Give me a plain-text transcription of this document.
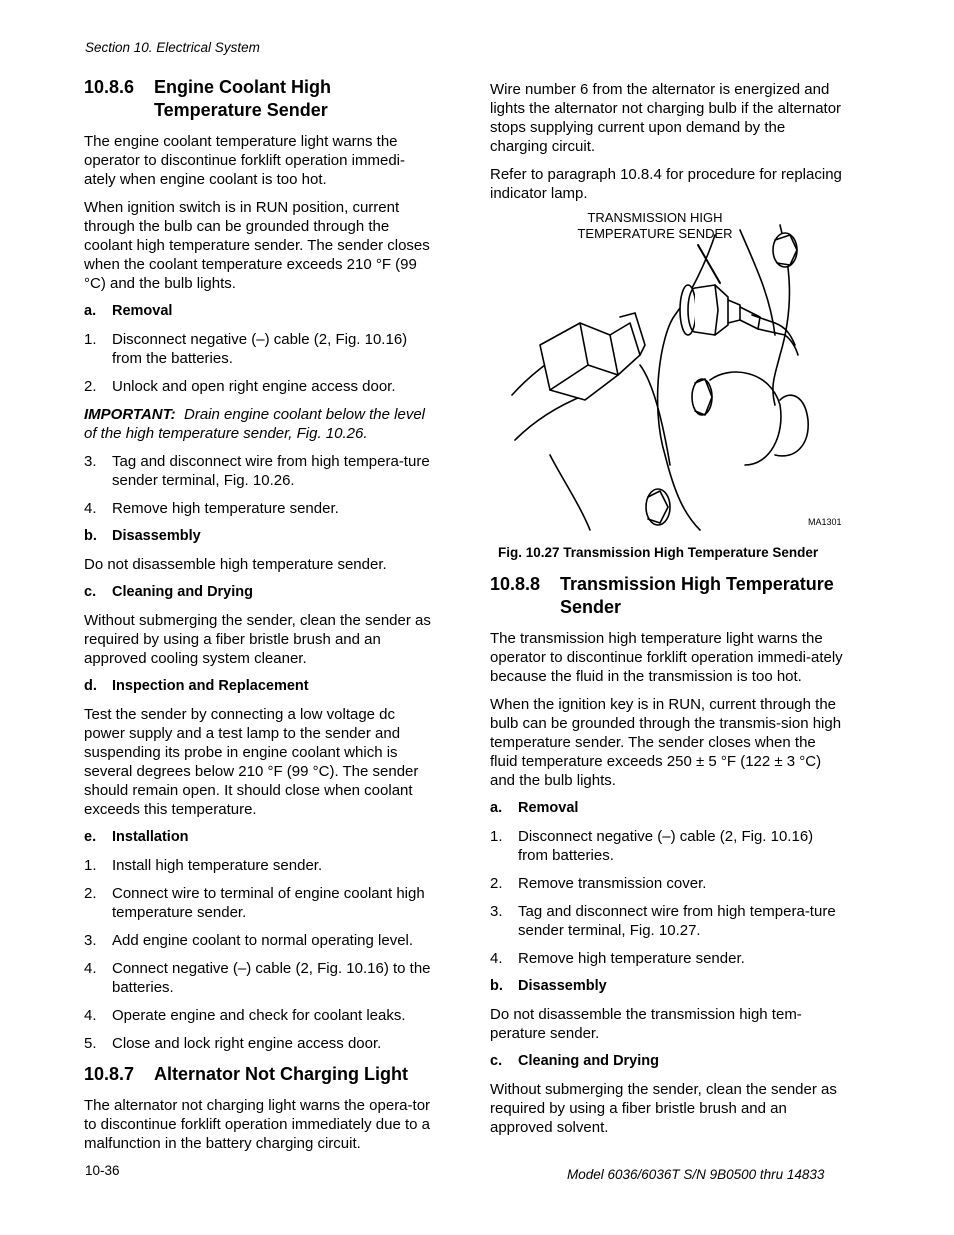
Section 10. Electrical System
10.8.6	Engine Coolant High Temperature Sender

The engine coolant temperature light warns the operator to discontinue forklift operation immedi-ately when engine coolant is too hot.

When ignition switch is in RUN position, current through the bulb can be grounded through the coolant high temperature sender. The sender closes when the coolant temperature exceeds 210 °F (99 °C) and the bulb lights.

a.	Removal
1.	Disconnect negative (–) cable (2, Fig. 10.16) from the batteries.
2.	Unlock and open right engine access door.

IMPORTANT: Drain engine coolant below the level of the high temperature sender, Fig. 10.26.

3.	Tag and disconnect wire from high tempera-ture sender terminal, Fig. 10.26.
4.	Remove high temperature sender.
b.	Disassembly

Do not disassemble high temperature sender.

c.	Cleaning and Drying

Without submerging the sender, clean the sender as required by using a fiber bristle brush and an approved cooling system cleaner.

d.	Inspection and Replacement

Test the sender by connecting a low voltage dc power supply and a test lamp to the sender and suspending its probe in engine coolant which is several degrees below 210 °F (99 °C). The sender should remain open. It should close when coolant exceeds this temperature.

e.	Installation
1.	Install high temperature sender.
2.	Connect wire to terminal of engine coolant high temperature sender.
3.	Add engine coolant to normal operating level.
4.	Connect negative (–) cable (2, Fig. 10.16) to the batteries.
4.	Operate engine and check for coolant leaks.
5.	Close and lock right engine access door.
10.8.7	Alternator Not Charging Light

The alternator not charging light warns the opera-tor to discontinue forklift operation immediately due to a malfunction in the battery charging circuit.

Wire number 6 from the alternator is energized and lights the alternator not charging bulb if the alternator stops supplying current upon demand by the charging circuit.

Refer to paragraph 10.8.4 for procedure for replacing indicator lamp.

TRANSMISSION HIGH TEMPERATURE SENDER
MA1301
Fig. 10.27 Transmission High Temperature Sender
10.8.8	Transmission High Temperature Sender

The transmission high temperature light warns the operator to discontinue forklift operation immedi-ately because the fluid in the transmission is too hot.

When the ignition key is in RUN, current through the bulb can be grounded through the transmis-sion high temperature sender. The sender closes when the fluid temperature exceeds 250 ± 5 °F (122 ± 3 °C) and the bulb lights.

a.	Removal
1.	Disconnect negative (–) cable (2, Fig. 10.16) from batteries.
2.	Remove transmission cover.
3.	Tag and disconnect wire from high tempera-ture sender terminal, Fig. 10.27.
4.	Remove high temperature sender.
b.	Disassembly

Do not disassemble the transmission high tem-perature sender.

c.	Cleaning and Drying

Without submerging the sender, clean the sender as required by using a fiber bristle brush and an approved solvent.

10-36	Model 6036/6036T S/N 9B0500 thru 14833
